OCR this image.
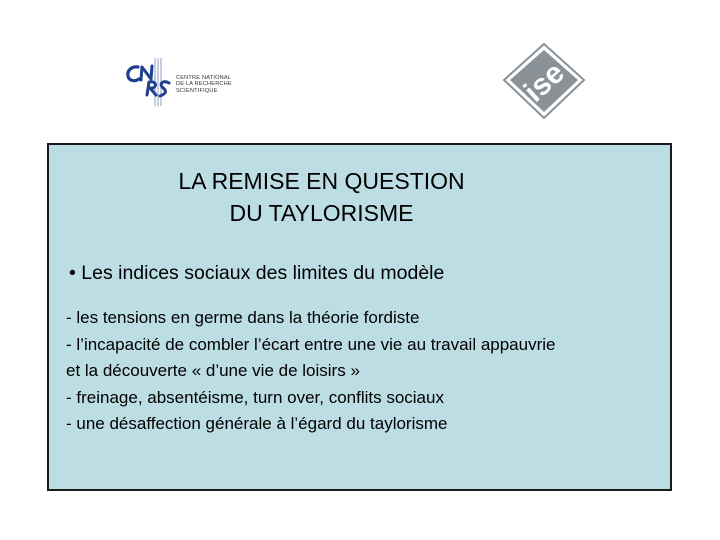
CENTRE NATIONAL
DE LA RECHERCHE
SCIENTIFIQUE	ise
LA REMISE EN QUESTION
DU TAYLORISME
• Les indices sociaux des limites du modèle
- les tensions en germe dans la théorie fordiste
- l’incapacité de combler l’écart entre une vie au travail appauvrie
et la découverte « d’une vie de loisirs »
- freinage, absentéisme, turn over, conflits sociaux
- une désaffection générale à l’égard du taylorisme
